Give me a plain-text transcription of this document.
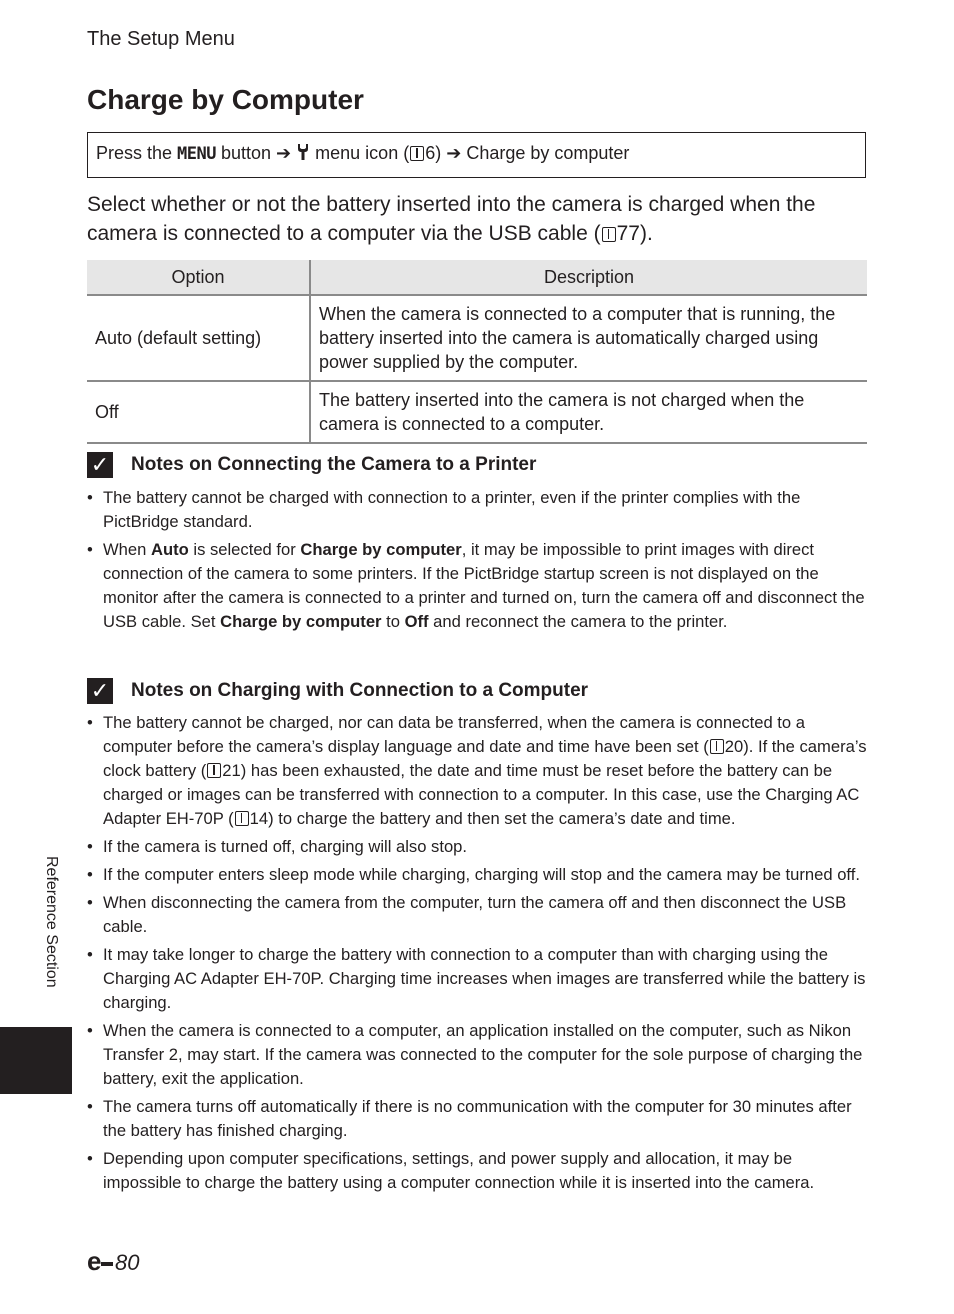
The Setup Menu
Charge by Computer
Press the MENU button ➔  menu icon ( 6) ➔ Charge by computer

Select whether or not the battery inserted into the camera is charged when the camera is connected to a computer via the USB cable ( 77).

Option	Description
Auto (default setting)	When the camera is connected to a computer that is running, the battery inserted into the camera is automatically charged using power supplied by the computer.
Off	The battery inserted into the camera is not charged when the camera is connected to a computer.
✓ Notes on Connecting the Camera to a Printer
• The battery cannot be charged with connection to a printer, even if the printer complies with the PictBridge standard.
• When Auto is selected for Charge by computer, it may be impossible to print images with direct connection of the camera to some printers. If the PictBridge startup screen is not displayed on the monitor after the camera is connected to a printer and turned on, turn the camera off and disconnect the USB cable. Set Charge by computer to Off and reconnect the camera to the printer.
✓ Notes on Charging with Connection to a Computer
• The battery cannot be charged, nor can data be transferred, when the camera is connected to a computer before the camera’s display language and date and time have been set ( 20). If the camera’s clock battery ( 21) has been exhausted, the date and time must be reset before the battery can be charged or images can be transferred with connection to a computer. In this case, use the Charging AC Adapter EH-70P ( 14) to charge the battery and then set the camera’s date and time.
• If the camera is turned off, charging will also stop.
• If the computer enters sleep mode while charging, charging will stop and the camera may be turned off.
• When disconnecting the camera from the computer, turn the camera off and then disconnect the USB cable.
• It may take longer to charge the battery with connection to a computer than with charging using the Charging AC Adapter EH-70P. Charging time increases when images are transferred while the battery is charging.
• When the camera is connected to a computer, an application installed on the computer, such as Nikon Transfer 2, may start. If the camera was connected to the computer for the sole purpose of charging the battery, exit the application.
• The camera turns off automatically if there is no communication with the computer for 30 minutes after the battery has finished charging.
• Depending upon computer specifications, settings, and power supply and allocation, it may be impossible to charge the battery using a computer connection while it is inserted into the camera.
Reference Section
e
80
